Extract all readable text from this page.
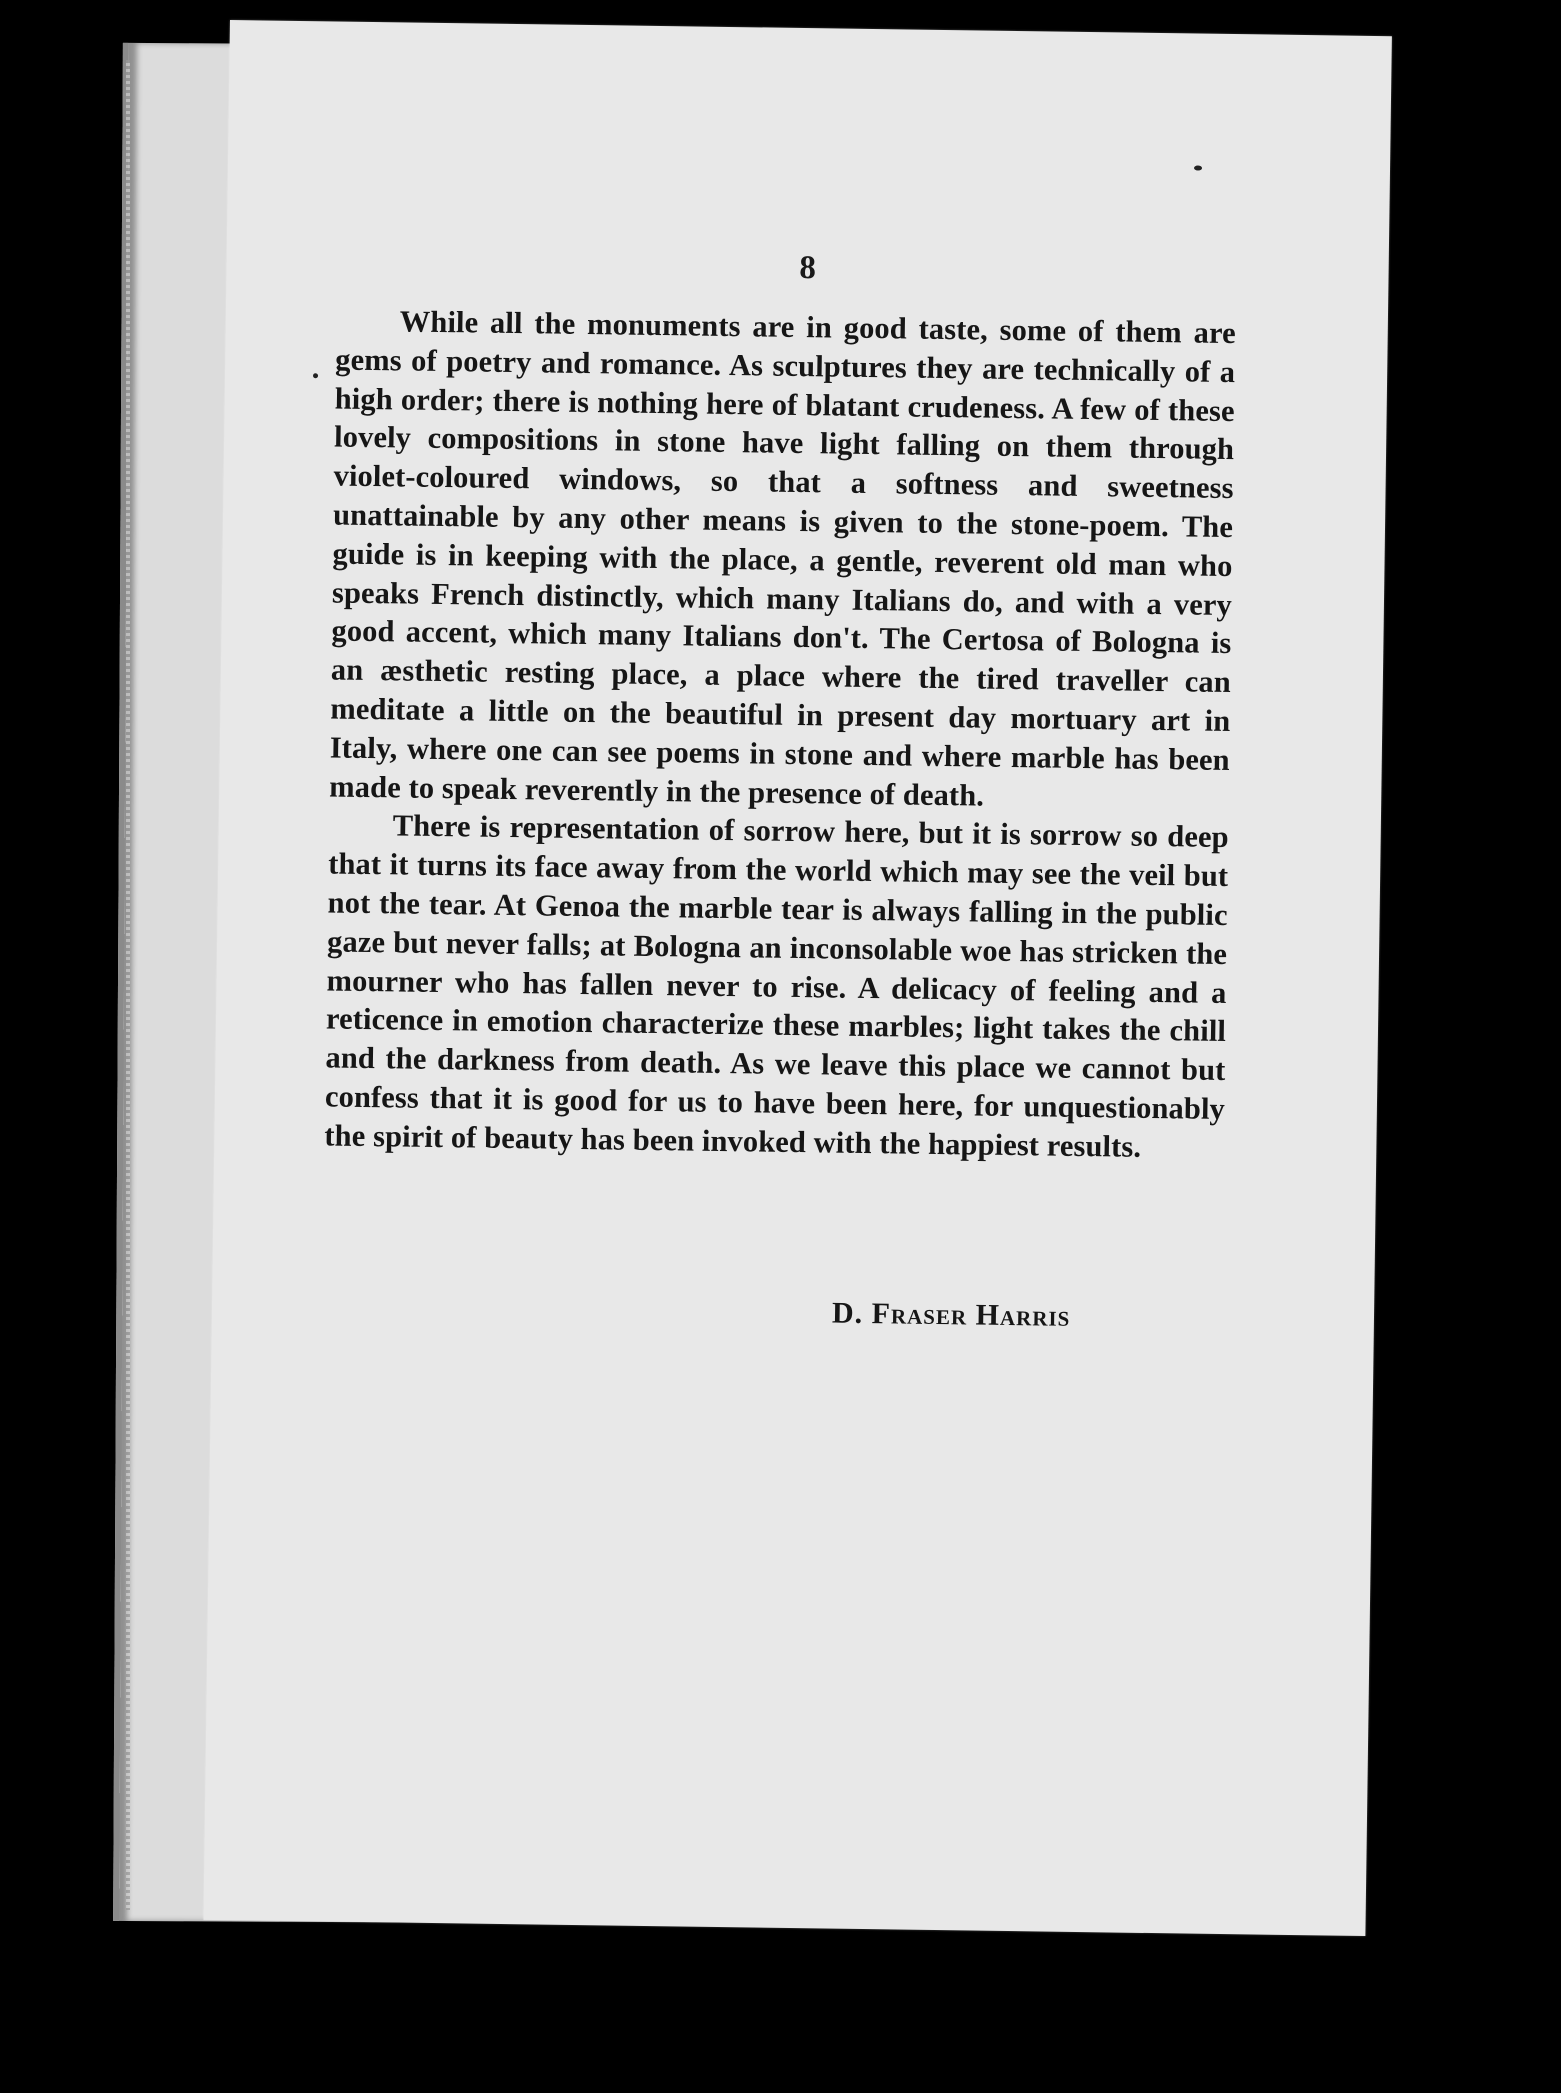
8

While all the monuments are in good taste, some of them are gems of poetry and romance. As sculptures they are technically of a high order; there is nothing here of blatant crudeness. A few of these lovely compositions in stone have light falling on them through violet-coloured windows, so that a softness and sweetness unattainable by any other means is given to the stone-poem. The guide is in keeping with the place, a gentle, reverent old man who speaks French distinctly, which many Italians do, and with a very good accent, which many Italians don't. The Certosa of Bologna is an æsthetic resting place, a place where the tired traveller can meditate a little on the beautiful in present day mortuary art in Italy, where one can see poems in stone and where marble has been made to speak reverently in the presence of death.

There is representation of sorrow here, but it is sorrow so deep that it turns its face away from the world which may see the veil but not the tear. At Genoa the marble tear is always falling in the public gaze but never falls; at Bologna an inconsolable woe has stricken the mourner who has fallen never to rise. A delicacy of feeling and a reticence in emotion characterize these marbles; light takes the chill and the darkness from death. As we leave this place we cannot but confess that it is good for us to have been here, for unquestionably the spirit of beauty has been invoked with the happiest results.

D. Fraser Harris
